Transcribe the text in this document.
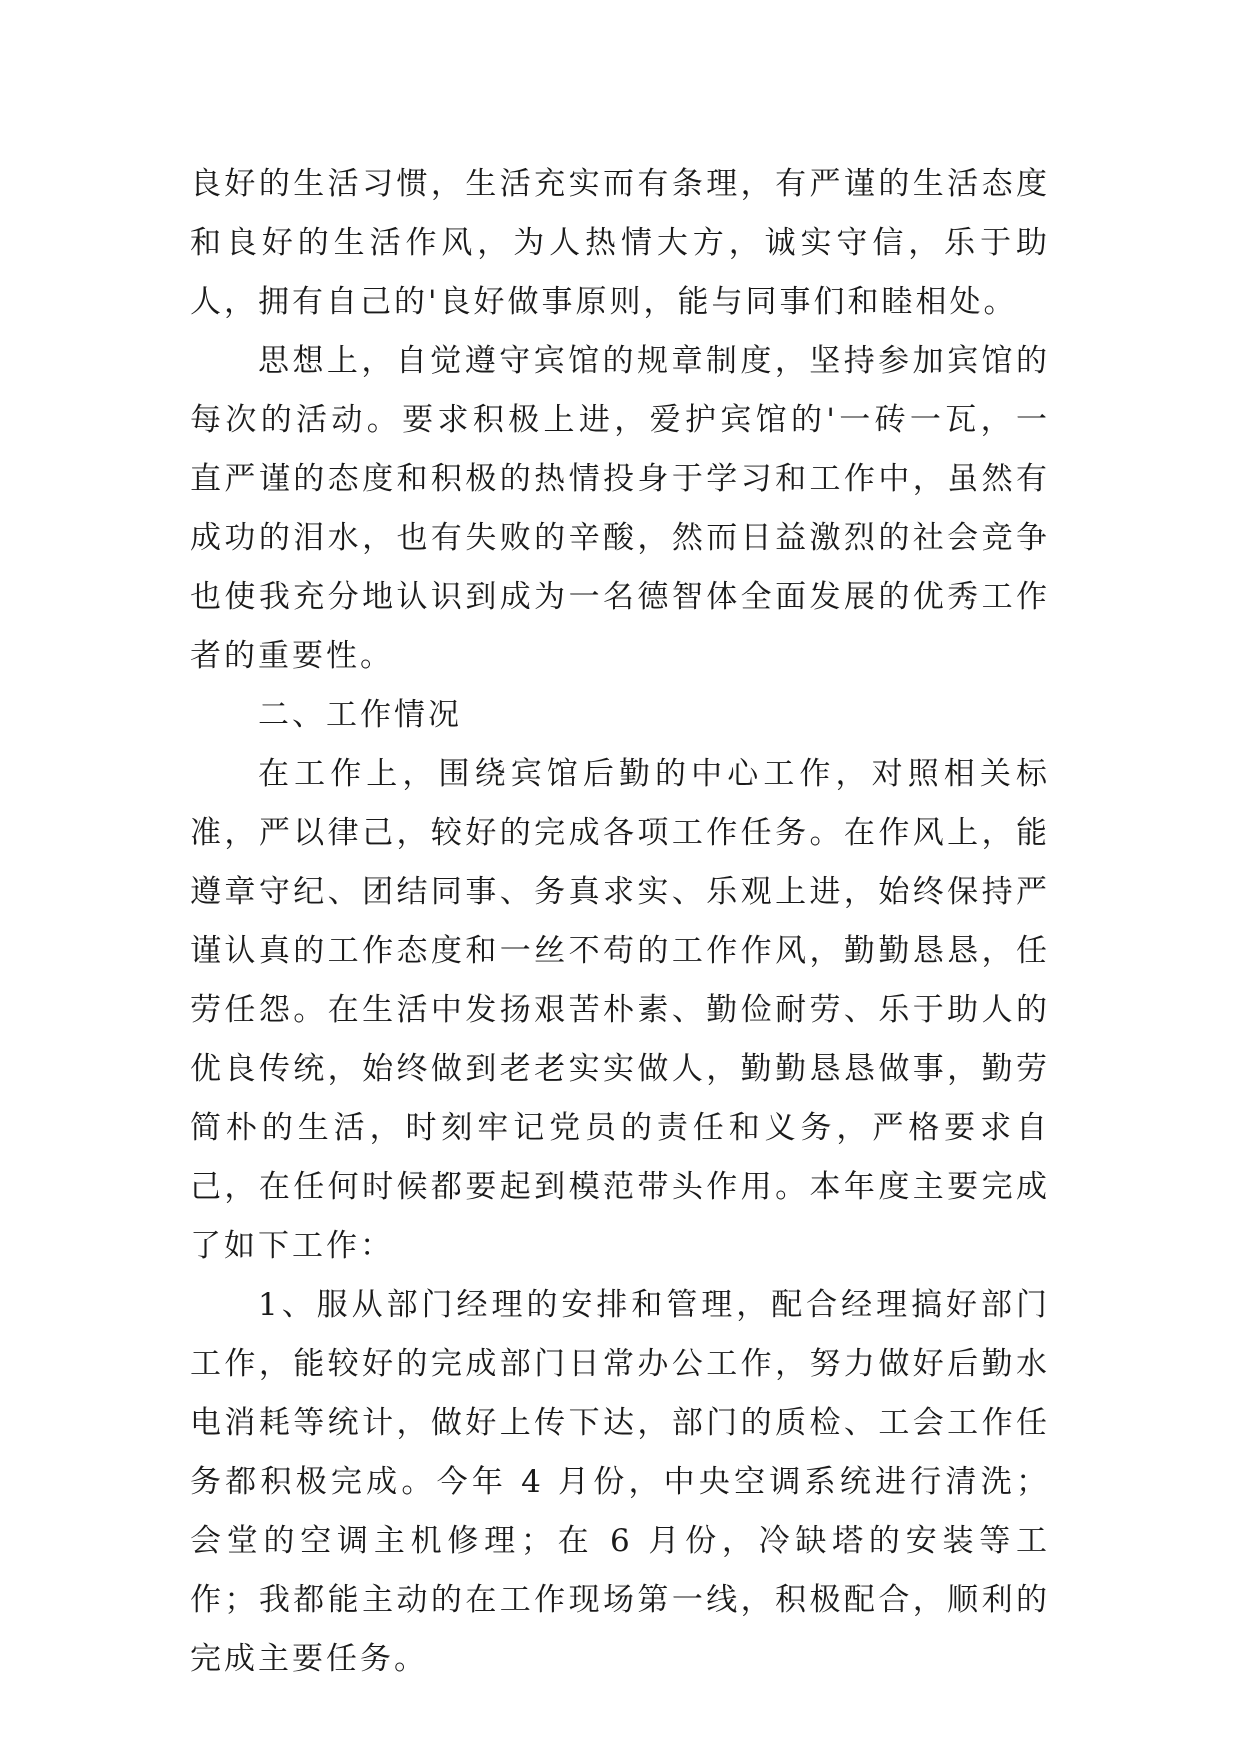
良好的生活习惯，生活充实而有条理，有严谨的生活态度和良好的生活作风，为人热情大方，诚实守信，乐于助人，拥有自己的'良好做事原则，能与同事们和睦相处。

思想上，自觉遵守宾馆的规章制度，坚持参加宾馆的每次的活动。要求积极上进，爱护宾馆的'一砖一瓦，一直严谨的态度和积极的热情投身于学习和工作中，虽然有成功的泪水，也有失败的辛酸，然而日益激烈的社会竞争也使我充分地认识到成为一名德智体全面发展的优秀工作者的重要性。

二、工作情况

在工作上，围绕宾馆后勤的中心工作，对照相关标准，严以律己，较好的完成各项工作任务。在作风上，能遵章守纪、团结同事、务真求实、乐观上进，始终保持严谨认真的工作态度和一丝不苟的工作作风，勤勤恳恳，任劳任怨。在生活中发扬艰苦朴素、勤俭耐劳、乐于助人的优良传统，始终做到老老实实做人，勤勤恳恳做事，勤劳简朴的生活，时刻牢记党员的责任和义务，严格要求自己，在任何时候都要起到模范带头作用。本年度主要完成了如下工作：

1、服从部门经理的安排和管理，配合经理搞好部门工作，能较好的完成部门日常办公工作，努力做好后勤水电消耗等统计，做好上传下达，部门的质检、工会工作任务都积极完成。今年 4 月份，中央空调系统进行清洗；会堂的空调主机修理；在 6 月份，冷缺塔的安装等工作；我都能主动的在工作现场第一线，积极配合，顺利的完成主要任务。
